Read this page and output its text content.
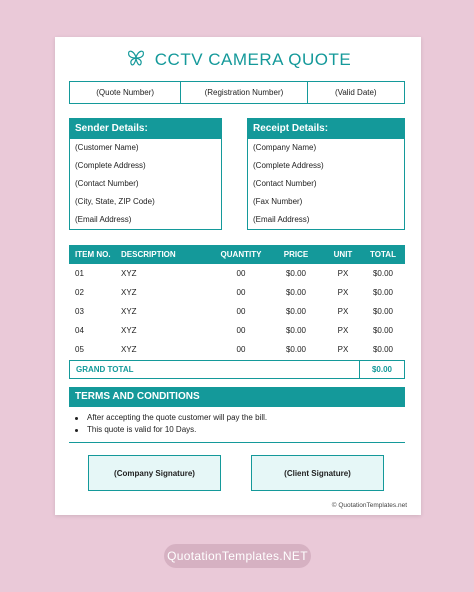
CCTV CAMERA QUOTE
(Quote Number)	(Registration Number)	(Valid Date)
Sender Details:
(Customer Name)
(Complete Address)
(Contact Number)
(City, State, ZIP Code)
(Email Address)
Receipt Details:
(Company Name)
(Complete Address)
(Contact Number)
(Fax Number)
(Email Address)
ITEM NO.	DESCRIPTION	QUANTITY	PRICE	UNIT	TOTAL
01	XYZ	00	$0.00	PX	$0.00
02	XYZ	00	$0.00	PX	$0.00
03	XYZ	00	$0.00	PX	$0.00
04	XYZ	00	$0.00	PX	$0.00
05	XYZ	00	$0.00	PX	$0.00
GRAND TOTAL	$0.00
TERMS AND CONDITIONS
After accepting the quote customer will pay the bill.
This quote is valid for 10 Days.
(Company Signature)	(Client Signature)
© QuotationTemplates.net
QuotationTemplates.NET
